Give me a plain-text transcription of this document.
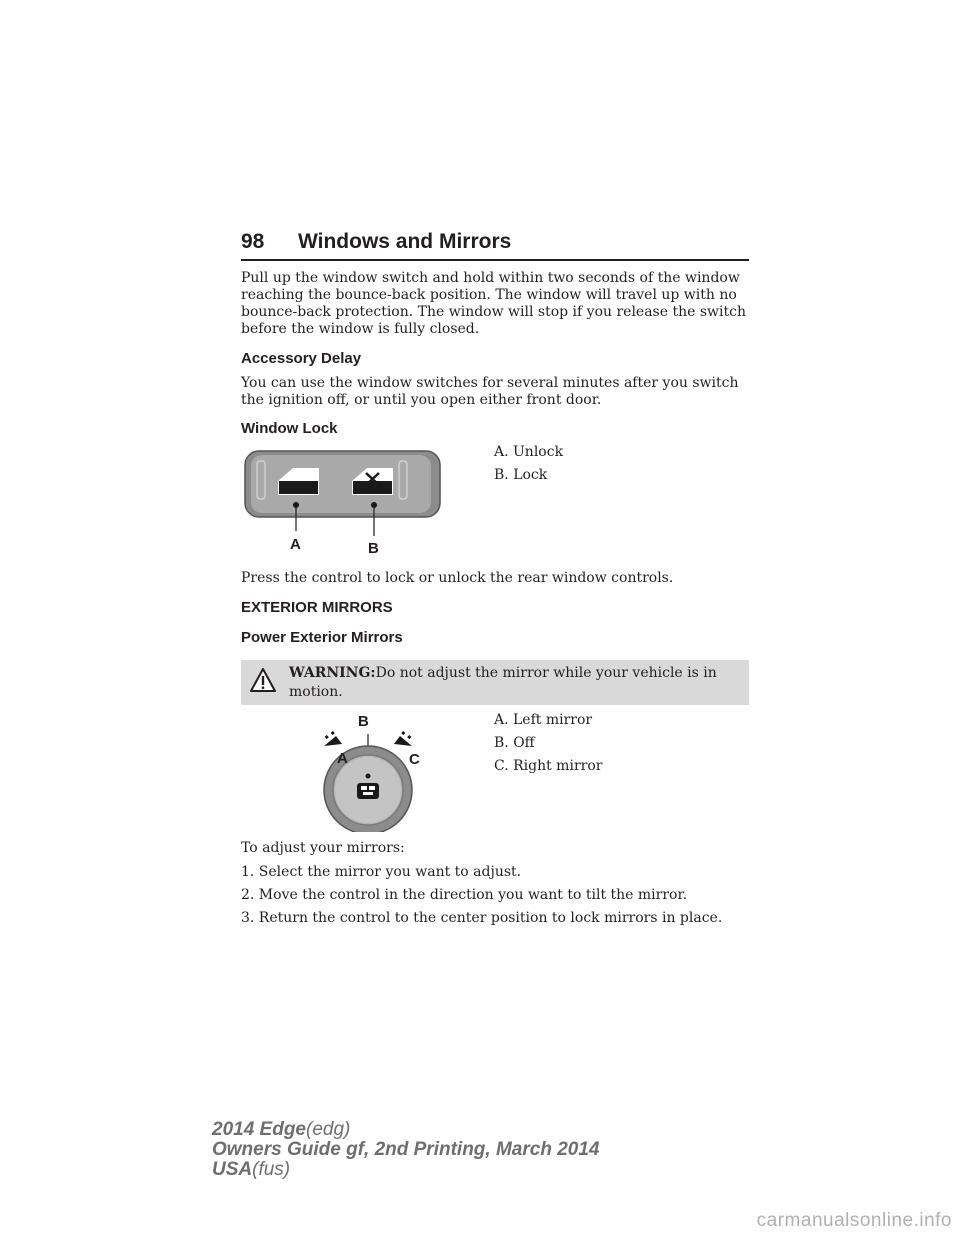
98 Windows and Mirrors
Pull up the window switch and hold within two seconds of the window reaching the bounce-back position. The window will travel up with no bounce-back protection. The window will stop if you release the switch before the window is fully closed.
Accessory Delay
You can use the window switches for several minutes after you switch the ignition off, or until you open either front door.
Window Lock
A	B
A. Unlock
B. Lock
Press the control to lock or unlock the rear window controls.
EXTERIOR MIRRORS
Power Exterior Mirrors
WARNING:Do not adjust the mirror while your vehicle is in motion.
B
A	C
A. Left mirror
B. Off
C. Right mirror
To adjust your mirrors:
1. Select the mirror you want to adjust.
2. Move the control in the direction you want to tilt the mirror.
3. Return the control to the center position to lock mirrors in place.
2014 Edge(edg)
Owners Guide gf, 2nd Printing, March 2014
USA(fus)
carmanualsonline.info
